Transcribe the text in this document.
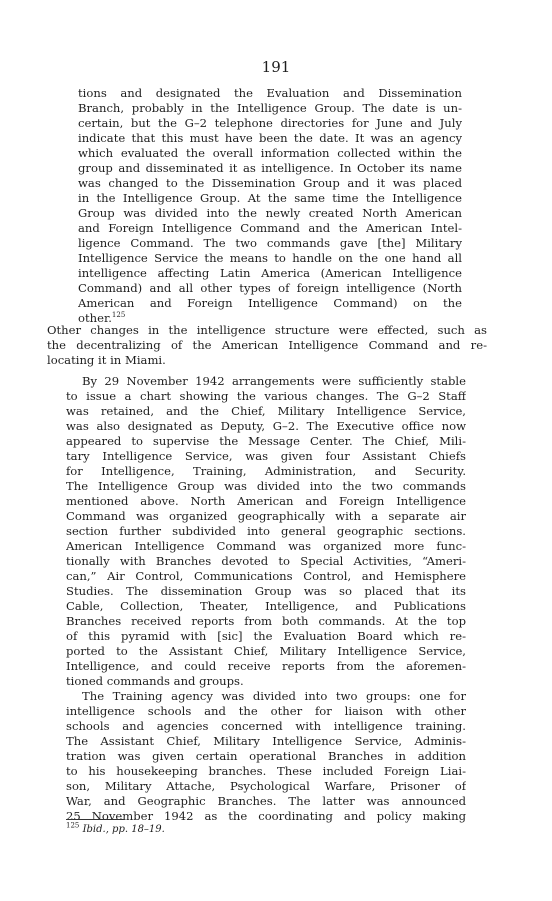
191
tions and designated the Evaluation and Dissemination
Branch, probably in the Intelligence Group. The date is un-
certain, but the G–2 telephone directories for June and July
indicate that this must have been the date. It was an agency
which evaluated the overall information collected within the
group and disseminated it as intelligence. In October its name
was changed to the Dissemination Group and it was placed
in the Intelligence Group. At the same time the Intelligence
Group was divided into the newly created North American
and Foreign Intelligence Command and the American Intel-
ligence Command. The two commands gave [the] Military
Intelligence Service the means to handle on the one hand all
intelligence affecting Latin America (American Intelligence
Command) and all other types of foreign intelligence (North
American and Foreign Intelligence Command) on the
other.$^{125}$
Other changes in the intelligence structure were effected, such as
the decentralizing of the American Intelligence Command and re-
locating it in Miami.
By 29 November 1942 arrangements were sufficiently stable
to issue a chart showing the various changes. The G–2 Staff
was retained, and the Chief, Military Intelligence Service,
was also designated as Deputy, G–2. The Executive office now
appeared to supervise the Message Center. The Chief, Mili-
tary Intelligence Service, was given four Assistant Chiefs
for Intelligence, Training, Administration, and Security.
The Intelligence Group was divided into the two commands
mentioned above. North American and Foreign Intelligence
Command was organized geographically with a separate air
section further subdivided into general geographic sections.
American Intelligence Command was organized more func-
tionally with Branches devoted to Special Activities, “Ameri-
can,” Air Control, Communications Control, and Hemisphere
Studies. The dissemination Group was so placed that its
Cable, Collection, Theater, Intelligence, and Publications
Branches received reports from both commands. At the top
of this pyramid with [sic] the Evaluation Board which re-
ported to the Assistant Chief, Military Intelligence Service,
Intelligence, and could receive reports from the aforemen-
tioned commands and groups.
The Training agency was divided into two groups: one for
intelligence schools and the other for liaison with other
schools and agencies concerned with intelligence training.
The Assistant Chief, Military Intelligence Service, Adminis-
tration was given certain operational Branches in addition
to his housekeeping branches. These included Foreign Liai-
son, Military Attache, Psychological Warfare, Prisoner of
War, and Geographic Branches. The latter was announced
25 November 1942 as the coordinating and policy making
$^{125}$ Ibid., pp. 18–19.
